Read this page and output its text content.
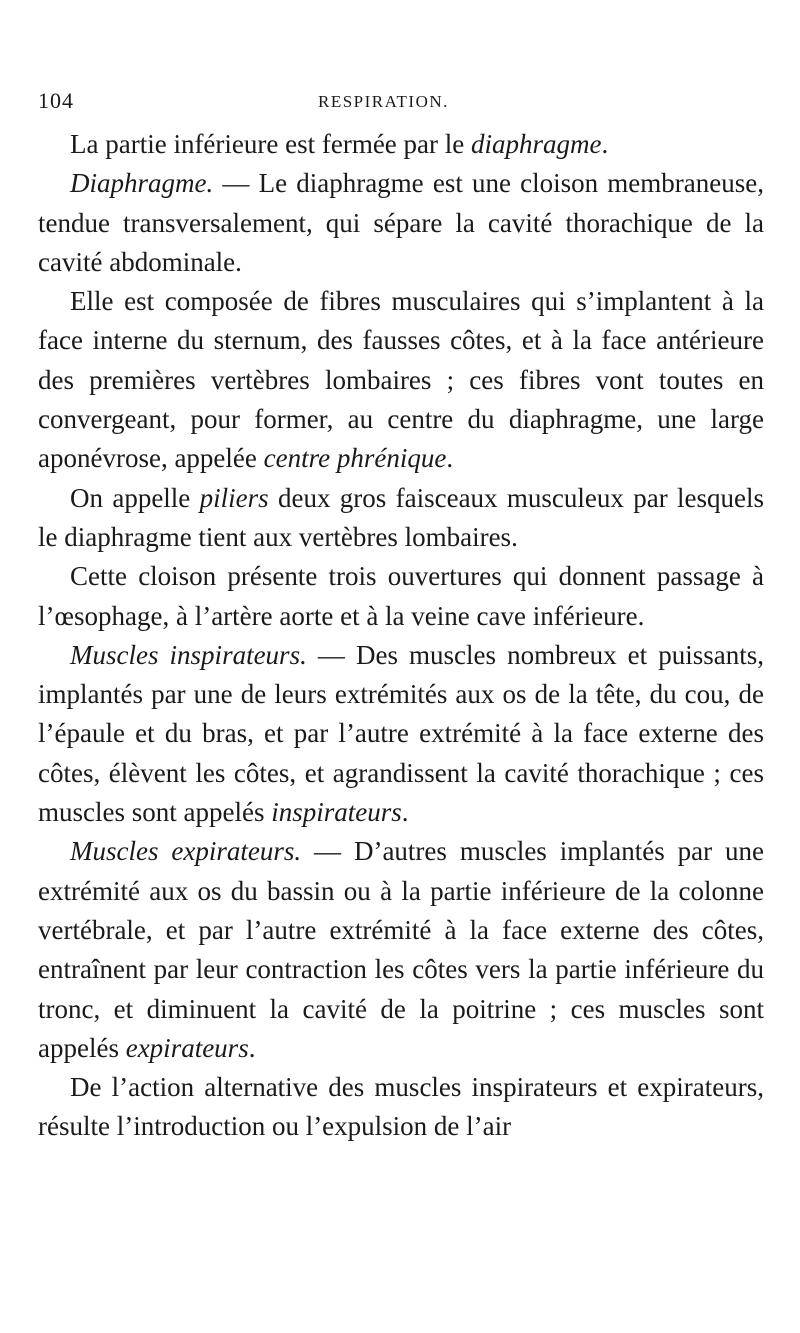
104	RESPIRATION.

La partie inférieure est fermée par le diaphragme.

Diaphragme. — Le diaphragme est une cloison membraneuse, tendue transversalement, qui sépare la cavité thorachique de la cavité abdominale.

Elle est composée de fibres musculaires qui s’implantent à la face interne du sternum, des fausses côtes, et à la face antérieure des premières vertèbres lombaires ; ces fibres vont toutes en convergeant, pour former, au centre du diaphragme, une large aponévrose, appelée centre phrénique.

On appelle piliers deux gros faisceaux musculeux par lesquels le diaphragme tient aux vertèbres lombaires.

Cette cloison présente trois ouvertures qui donnent passage à l’œsophage, à l’artère aorte et à la veine cave inférieure.

Muscles inspirateurs. — Des muscles nombreux et puissants, implantés par une de leurs extrémités aux os de la tête, du cou, de l’épaule et du bras, et par l’autre extrémité à la face externe des côtes, élèvent les côtes, et agrandissent la cavité thorachique ; ces muscles sont appelés inspirateurs.

Muscles expirateurs. — D’autres muscles implantés par une extrémité aux os du bassin ou à la partie inférieure de la colonne vertébrale, et par l’autre extrémité à la face externe des côtes, entraînent par leur contraction les côtes vers la partie inférieure du tronc, et diminuent la cavité de la poitrine ; ces muscles sont appelés expirateurs.

De l’action alternative des muscles inspirateurs et expirateurs, résulte l’introduction ou l’expulsion de l’air
